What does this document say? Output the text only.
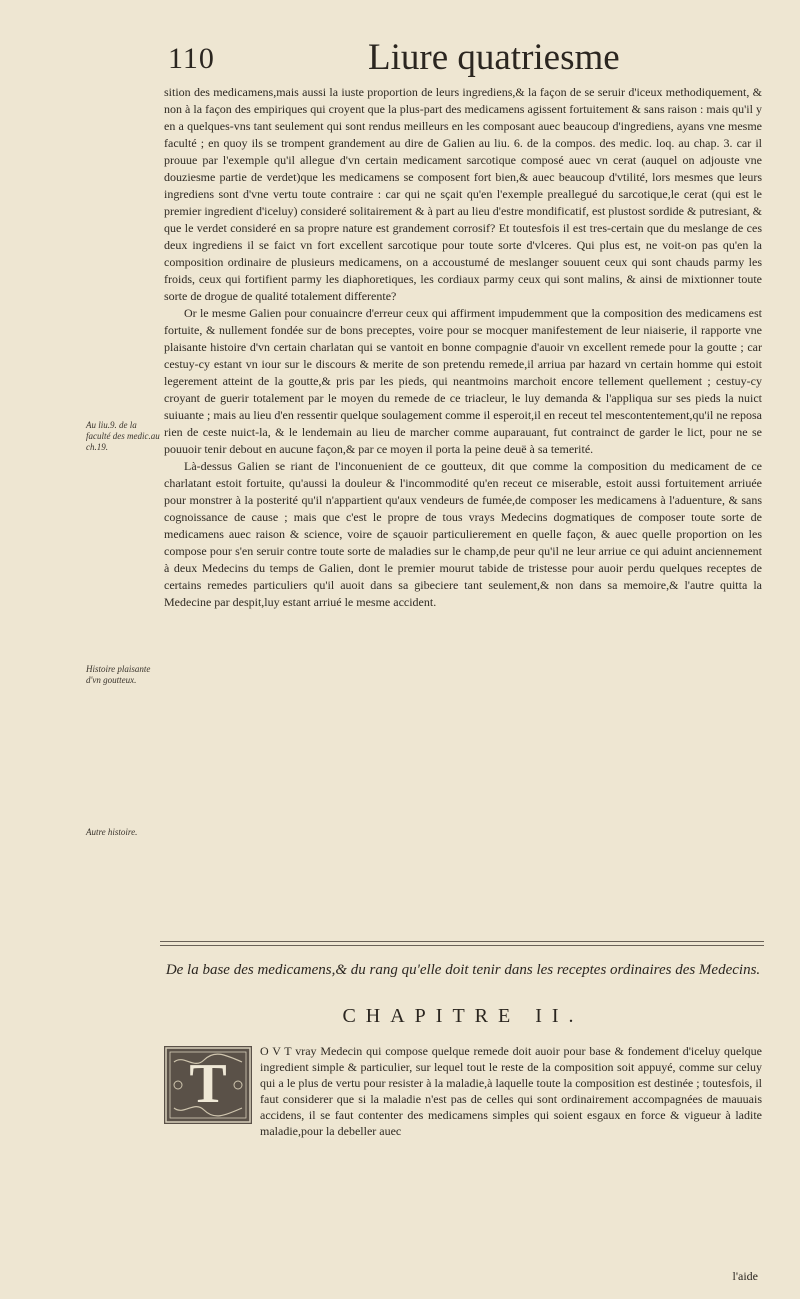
110	Liure quatriesme

sition des medicamens,mais aussi la iuste proportion de leurs ingrediens,& la façon de se seruir d'iceux methodiquement, & non à la façon des empiriques qui croyent que la plus-part des medicamens agissent fortuitement & sans raison : mais qu'il y en a quelques-vns tant seulement qui sont rendus meilleurs en les composant auec beaucoup d'ingrediens, ayans vne mesme faculté ; en quoy ils se trompent grandement au dire de Galien au liu. 6. de la compos. des medic. loq. au chap. 3. car il prouue par l'exemple qu'il allegue d'vn certain medicament sarcotique composé auec vn cerat (auquel on adjouste vne douziesme partie de verdet)que les medicamens se composent fort bien,& auec beaucoup d'vtilité, lors mesmes que leurs ingrediens sont d'vne vertu toute contraire : car qui ne sçait qu'en l'exemple preallegué du sarcotique,le cerat (qui est le premier ingredient d'iceluy) consideré solitairement & à part au lieu d'estre mondificatif, est plustost sordide & putresiant, & que le verdet consideré en sa propre nature est grandement corrosif? Et toutesfois il est tres-certain que du meslange de ces deux ingrediens il se faict vn fort excellent sarcotique pour toute sorte d'vlceres. Qui plus est, ne voit-on pas qu'en la composition ordinaire de plusieurs medicamens, on a accoustumé de meslanger souuent ceux qui sont chauds parmy les froids, ceux qui fortifient parmy les diaphoretiques, les cordiaux parmy ceux qui sont malins, & ainsi de mixtionner toute sorte de drogue de qualité totalement differente?

Or le mesme Galien pour conuaincre d'erreur ceux qui affirment impudemment que la composition des medicamens est fortuite, & nullement fondée sur de bons preceptes, voire pour se mocquer manifestement de leur niaiserie, il rapporte vne plaisante histoire d'vn certain charlatan qui se vantoit en bonne compagnie d'auoir vn excellent remede pour la goutte ; car cestuy-cy estant vn iour sur le discours & merite de son pretendu remede,il arriua par hazard vn certain homme qui estoit legerement atteint de la goutte,& pris par les pieds, qui neantmoins marchoit encore tellement quellement ; cestuy-cy croyant de guerir totalement par le moyen du remede de ce triacleur, le luy demanda & l'appliqua sur ses pieds la nuict suiuante ; mais au lieu d'en ressentir quelque soulagement comme il esperoit,il en receut tel mescontentement,qu'il ne reposa rien de ceste nuict-la, & le lendemain au lieu de marcher comme auparauant, fut contrainct de garder le lict, pour ne se pouuoir tenir debout en aucune façon,& par ce moyen il porta la peine deuë à sa temerité.

Là-dessus Galien se riant de l'inconuenient de ce goutteux, dit que comme la composition du medicament de ce charlatant estoit fortuite, qu'aussi la douleur & l'incommodité qu'en receut ce miserable, estoit aussi fortuitement arriuée pour monstrer à la posterité qu'il n'appartient qu'aux vendeurs de fumée,de composer les medicamens à l'aduenture, & sans cognoissance de cause ; mais que c'est le propre de tous vrays Medecins dogmatiques de composer toute sorte de medicamens auec raison & science, voire de sçauoir particulierement en quelle façon, & auec quelle proportion on les compose pour s'en seruir contre toute sorte de maladies sur le champ,de peur qu'il ne leur arriue ce qui aduint anciennement à deux Medecins du temps de Galien, dont le premier mourut tabide de tristesse pour auoir perdu quelques receptes de certains remedes particuliers qu'il auoit dans sa gibeciere tant seulement,& non dans sa memoire,& l'autre quitta la Medecine par despit,luy estant arriué le mesme accident.

Au liu.9. de la faculté des medic.au ch.19.
Histoire plaisante d'vn goutteux.
Autre histoire.
De la base des medicamens,& du rang qu'elle doit tenir dans les receptes ordinaires des Medecins.
CHAPITRE II.
T
O V T vray Medecin qui compose quelque remede doit auoir pour base & fondement d'iceluy quelque ingredient simple & particulier, sur lequel tout le reste de la composition soit appuyé, comme sur celuy qui a le plus de vertu pour resister à la maladie,à laquelle toute la composition est destinée ; toutesfois, il faut considerer que si la maladie n'est pas de celles qui sont ordinairement accompagnées de mauuais accidens, il se faut contenter des medicamens simples qui soient esgaux en force & vigueur à ladite maladie,pour la debeller auec
l'aide
